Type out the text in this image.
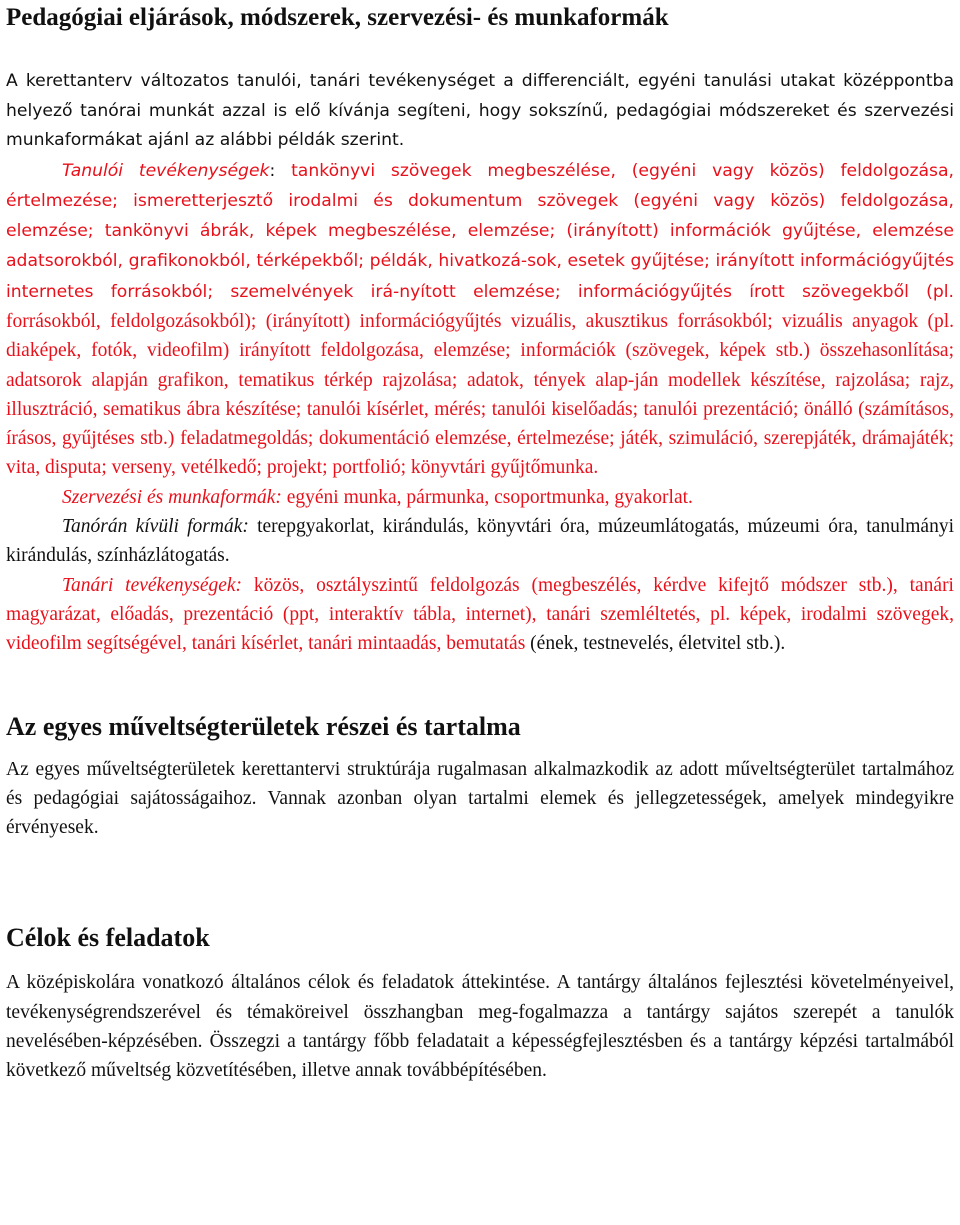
Pedagógiai eljárások, módszerek, szervezési- és munkaformák

A kerettanterv változatos tanulói, tanári tevékenységet a differenciált, egyéni tanulási utakat középpontba helyező tanórai munkát azzal is elő kívánja segíteni, hogy sokszínű, pedagógiai módszereket és szervezési munkaformákat ajánl az alábbi példák szerint.

Tanulói tevékenységek: tankönyvi szövegek megbeszélése, (egyéni vagy közös) feldolgozása, értelmezése; ismeretterjesztő irodalmi és dokumentum szövegek (egyéni vagy közös) feldolgozása, elemzése; tankönyvi ábrák, képek megbeszélése, elemzése; (irányított) információk gyűjtése, elemzése adatsorokból, grafikonokból, térképekből; példák, hivatkozá-sok, esetek gyűjtése; irányított információgyűjtés internetes forrásokból; szemelvények irá-nyított elemzése; információgyűjtés írott szövegekből (pl. forrásokból, feldolgozásokból); (irányított) információgyűjtés vizuális, akusztikus forrásokból; vizuális anyagok (pl. diaképek, fotók, videofilm) irányított feldolgozása, elemzése; információk (szövegek, képek stb.) összehasonlítása; adatsorok alapján grafikon, tematikus térkép rajzolása; adatok, tények alap-ján modellek készítése, rajzolása; rajz, illusztráció, sematikus ábra készítése; tanulói kísérlet, mérés; tanulói kiselőadás; tanulói prezentáció; önálló (számításos, írásos, gyűjtéses stb.) feladatmegoldás; dokumentáció elemzése, értelmezése; játék, szimuláció, szerepjáték, drámajáték; vita, disputa; verseny, vetélkedő; projekt; portfolió; könyvtári gyűjtőmunka.

Szervezési és munkaformák: egyéni munka, pármunka, csoportmunka, gyakorlat.

Tanórán kívüli formák: terepgyakorlat, kirándulás, könyvtári óra, múzeumlátogatás, múzeumi óra, tanulmányi kirándulás, színházlátogatás.

Tanári tevékenységek: közös, osztályszintű feldolgozás (megbeszélés, kérdve kifejtő módszer stb.), tanári magyarázat, előadás, prezentáció (ppt, interaktív tábla, internet), tanári szemléltetés, pl. képek, irodalmi szövegek, videofilm segítségével, tanári kísérlet, tanári mintaadás, bemutatás (ének, testnevelés, életvitel stb.).

Az egyes műveltségterületek részei és tartalma

Az egyes műveltségterületek kerettantervi struktúrája rugalmasan alkalmazkodik az adott műveltségterület tartalmához és pedagógiai sajátosságaihoz. Vannak azonban olyan tartalmi elemek és jellegzetességek, amelyek mindegyikre érvényesek.

Célok és feladatok

A középiskolára vonatkozó általános célok és feladatok áttekintése. A tantárgy általános fejlesztési követelményeivel, tevékenységrendszerével és témaköreivel összhangban meg-fogalmazza a tantárgy sajátos szerepét a tanulók nevelésében-képzésében. Összegzi a tantárgy főbb feladatait a képességfejlesztésben és a tantárgy képzési tartalmából következő műveltség közvetítésében, illetve annak továbbépítésében.
